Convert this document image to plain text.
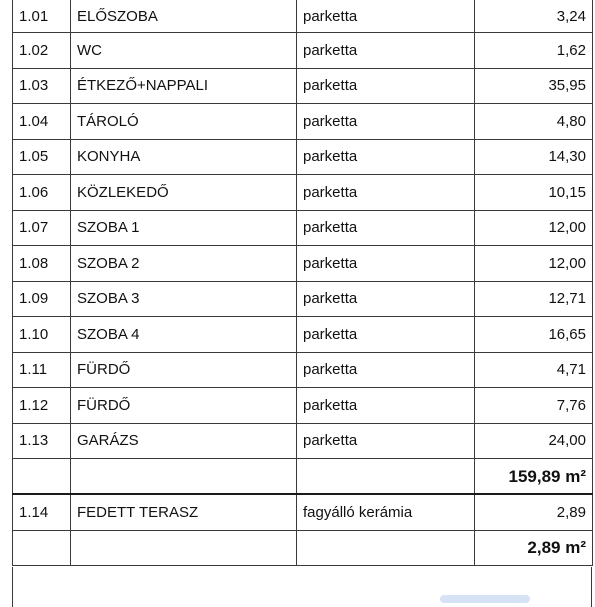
1.01	ELŐSZOBA	parketta	3,24
1.02	WC	parketta	1,62
1.03	ÉTKEZŐ+NAPPALI	parketta	35,95
1.04	TÁROLÓ	parketta	4,80
1.05	KONYHA	parketta	14,30
1.06	KÖZLEKEDŐ	parketta	10,15
1.07	SZOBA 1	parketta	12,00
1.08	SZOBA 2	parketta	12,00
1.09	SZOBA 3	parketta	12,71
1.10	SZOBA 4	parketta	16,65
1.11	FÜRDŐ	parketta	4,71
1.12	FÜRDŐ	parketta	7,76
1.13	GARÁZS	parketta	24,00
			159,89 m²
1.14	FEDETT TERASZ	fagyálló kerámia	2,89
			2,89 m²
